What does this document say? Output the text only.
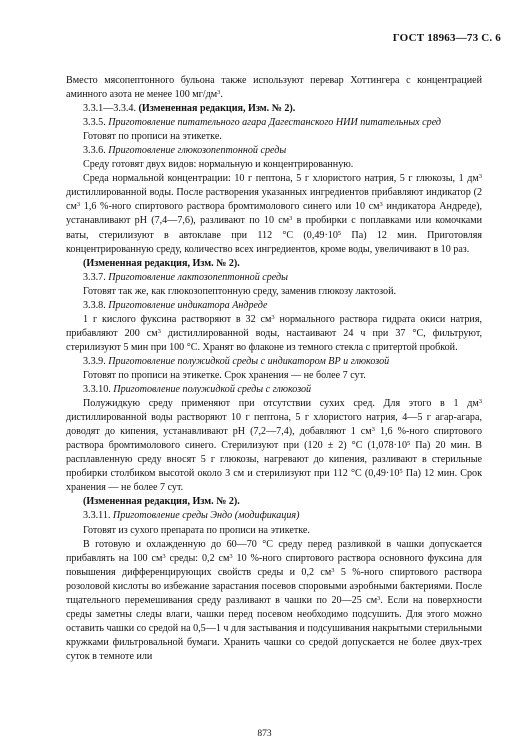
ГОСТ 18963—73 С. 6

Вместо мясопептонного бульона также используют перевар Хоттингера с концентрацией аминного азота не менее 100 $мг/дм^3$.

3.3.1—3.3.4. (Измененная редакция, Изм. № 2).

3.3.5. Приготовление питательного агара Дагестанского НИИ питательных сред

Готовят по прописи на этикетке.

3.3.6. Приготовление глюкозопептонной среды

Среду готовят двух видов: нормальную и концентрированную.

Среда нормальной концентрации: 10 г пептона, 5 г хлористого натрия, 5 г глюкозы, 1 $дм^3$ дистиллированной воды. После растворения указанных ингредиентов прибавляют индикатор (2 $см^3$ 1,6 %-ного спиртового раствора бромтимолового синего или 10 $см^3$ индикатора Андреде), устанавливают рН (7,4—7,6), разливают по 10 $см^3$ в пробирки с поплавками или комочками ваты, стерилизуют в автоклаве при 112 °С ($0,49\cdot 10^5$ Па) 12 мин. Приготовляя концентрированную среду, количество всех ингредиентов, кроме воды, увеличивают в 10 раз.

(Измененная редакция, Изм. № 2).

3.3.7. Приготовление лактозопептонной среды

Готовят так же, как глюкозопептонную среду, заменив глюкозу лактозой.

3.3.8. Приготовление индикатора Андреде

1 г кислого фуксина растворяют в 32 $см^3$ нормального раствора гидрата окиси натрия, прибавляют 200 $см^3$ дистиллированной воды, настаивают 24 ч при 37 °С, фильтруют, стерилизуют 5 мин при 100 °С. Хранят во флаконе из темного стекла с притертой пробкой.

3.3.9. Приготовление полужидкой среды с индикатором ВР и глюкозой

Готовят по прописи на этикетке. Срок хранения — не более 7 сут.

3.3.10. Приготовление полужидкой среды с глюкозой

Полужидкую среду применяют при отсутствии сухих сред. Для этого в 1 $дм^3$ дистиллированной воды растворяют 10 г пептона, 5 г хлористого натрия, 4—5 г агар-агара, доводят до кипения, устанавливают рН (7,2—7,4), добавляют 1 $см^3$ 1,6 %-ного спиртового раствора бромтимолового синего. Стерилизуют при (120 ± 2) °С ($1,078\cdot 10^5$ Па) 20 мин. В расплавленную среду вносят 5 г глюкозы, нагревают до кипения, разливают в стерильные пробирки столбиком высотой около 3 см и стерилизуют при 112 °С ($0,49\cdot 10^5$ Па) 12 мин. Срок хранения — не более 7 сут.

(Измененная редакция, Изм. № 2).

3.3.11. Приготовление среды Эндо (модификация)

Готовят из сухого препарата по прописи на этикетке.

В готовую и охлажденную до 60—70 °С среду перед разливкой в чашки допускается прибавлять на 100 $см^3$ среды: 0,2 $см^3$ 10 %-ного спиртового раствора основного фуксина для повышения дифференцирующих свойств среды и 0,2 $см^3$ 5 %-ного спиртового раствора розоловой кислоты во избежание зарастания посевов споровыми аэробными бактериями. После тщательного перемешивания среду разливают в чашки по 20—25 $см^3$. Если на поверхности среды заметны следы влаги, чашки перед посевом необходимо подсушить. Для этого можно оставить чашки со средой на 0,5—1 ч для застывания и подсушивания накрытыми стерильными кружками фильтровальной бумаги. Хранить чашки со средой допускается не более двух-трех суток в темноте или

873
